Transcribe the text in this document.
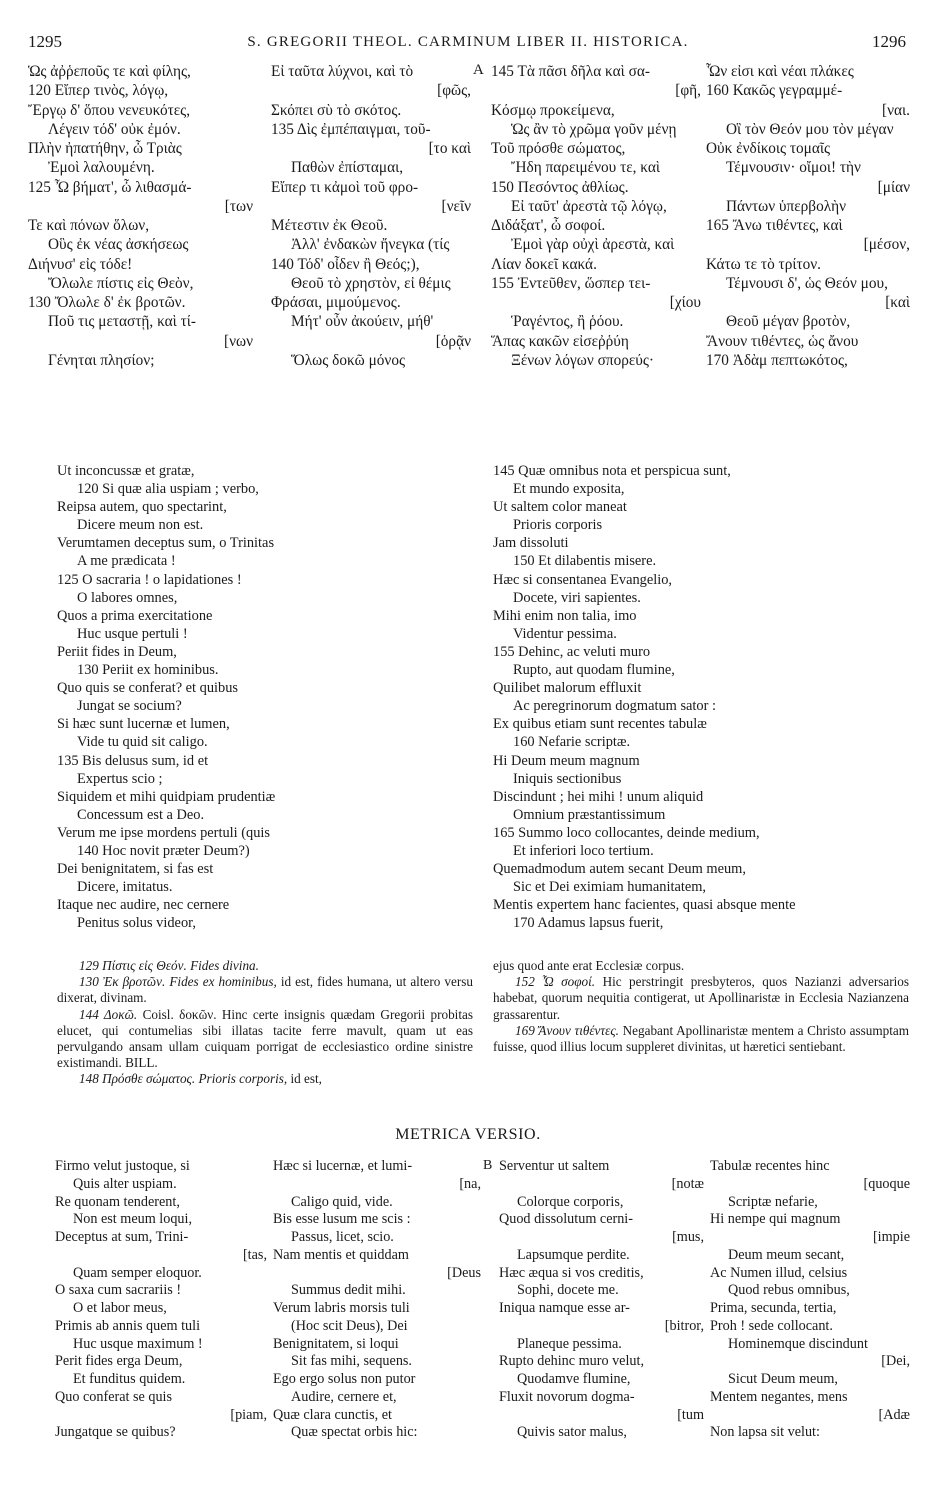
1295	S. GREGORII THEOL. CARMINUM LIBER II. HISTORICA.	1296
Ὡς ἀῤῥεποῦς τε καὶ φίλης,
120 Εἴπερ τινὸς, λόγῳ,
Ἔργῳ δ' ὅπου νενευκότες,
Λέγειν τόδ' οὐκ ἐμόν.
Πλὴν ἠπατήθην, ὦ Τριὰς
Ἐμοὶ λαλουμένη.
125 Ὦ βήματ', ὦ λιθασμά-
[των
Τε καὶ πόνων ὅλων,
Οὓς ἐκ νέας ἀσκήσεως
Διήνυσ' εἰς τόδε!
Ὄλωλε πίστις εἰς Θεὸν,
130 Ὄλωλε δ' ἐκ βροτῶν.
Ποῦ τις μεταστῇ, καὶ τί-
[νων
Γένηται πλησίον;
Εἰ ταῦτα λύχνοι, καὶ τὸ
[φῶς,
Σκόπει σὺ τὸ σκότος.
135 Δὶς ἐμπέπαιγμαι, τοῦ-
[το καὶ
Παθὼν ἐπίσταμαι,
Εἴπερ τι κἀμοὶ τοῦ φρο-
[νεῖν
Μέτεστιν ἐκ Θεοῦ.
Ἀλλ' ἐνδακὼν ἤνεγκα (τίς
140 Τόδ' οἶδεν ἢ Θεός;),
Θεοῦ τὸ χρηστὸν, εἰ θέμις
Φράσαι, μιμούμενος.
Μήτ' οὖν ἀκούειν, μήθ'
[ὁρᾷν
Ὅλως δοκῶ μόνος
A 145 Τὰ πᾶσι δῆλα καὶ σα-
[φῆ,
Κόσμῳ προκείμενα,
Ὡς ἂν τὸ χρῶμα γοῦν μένῃ
Τοῦ πρόσθε σώματος,
Ἤδη παρειμένου τε, καὶ
150 Πεσόντος ἀθλίως.
Εἰ ταῦτ' ἀρεστὰ τῷ λόγῳ,
Διδάξατ', ὦ σοφοί.
Ἐμοὶ γὰρ οὐχὶ ἀρεστὰ, καὶ
Λίαν δοκεῖ κακά.
155 Ἐντεῦθεν, ὥσπερ τει-
[χίου
Ῥαγέντος, ἢ ῥόου.
Ἅπας κακῶν εἰσεῤῥύη
Ξένων λόγων σπορεύς·
Ὧν εἰσι καὶ νέαι πλάκες
160 Κακῶς γεγραμμέ-
[ναι.
Οἳ τὸν Θεόν μου τὸν μέγαν
Οὐκ ἐνδίκοις τομαῖς
Τέμνουσιν· οἴμοι! τὴν
[μίαν
Πάντων ὑπερβολὴν
165 Ἄνω τιθέντες, καὶ
[μέσον,
Κάτω τε τὸ τρίτον.
Τέμνουσι δ', ὡς Θεόν μου,
[καὶ
Θεοῦ μέγαν βροτὸν,
Ἄνουν τιθέντες, ὡς ἄνου
170 Ἀδὰμ πεπτωκότος,
Ut inconcussæ et gratæ,
120 Si quæ alia uspiam ; verbo,
Reipsa autem, quo spectarint,
Dicere meum non est.
Verumtamen deceptus sum, o Trinitas
A me prædicata !
125 O sacraria ! o lapidationes !
O labores omnes,
Quos a prima exercitatione
Huc usque pertuli !
Periit fides in Deum,
130 Periit ex hominibus.
Quo quis se conferat? et quibus
Jungat se socium?
Si hæc sunt lucernæ et lumen,
Vide tu quid sit caligo.
135 Bis delusus sum, id et
Expertus scio ;
Siquidem et mihi quidpiam prudentiæ
Concessum est a Deo.
Verum me ipse mordens pertuli (quis
140 Hoc novit præter Deum?)
Dei benignitatem, si fas est
Dicere, imitatus.
Itaque nec audire, nec cernere
Penitus solus videor,
145 Quæ omnibus nota et perspicua sunt,
Et mundo exposita,
Ut saltem color maneat
Prioris corporis
Jam dissoluti
150 Et dilabentis misere.
Hæc si consentanea Evangelio,
Docete, viri sapientes.
Mihi enim non talia, imo
Videntur pessima.
155 Dehinc, ac veluti muro
Rupto, aut quodam flumine,
Quilibet malorum effluxit
Ac peregrinorum dogmatum sator :
Ex quibus etiam sunt recentes tabulæ
160 Nefarie scriptæ.
Hi Deum meum magnum
Iniquis sectionibus
Discindunt ; hei mihi ! unum aliquid
Omnium præstantissimum
165 Summo loco collocantes, deinde medium,
Et inferiori loco tertium.
Quemadmodum autem secant Deum meum,
Sic et Dei eximiam humanitatem,
Mentis expertem hanc facientes, quasi absque mente
170 Adamus lapsus fuerit,

129 Πίστις εἰς Θεόν. Fides divina.

130 Ἐκ βροτῶν. Fides ex hominibus, id est, fides humana, ut altero versu dixerat, divinam.

144 Δοκῶ. Coisl. δοκῶν. Hinc certe insignis quædam Gregorii probitas elucet, qui contumelias sibi illatas tacite ferre mavult, quam ut eas pervulgando ansam ullam cuiquam porrigat de ecclesiastico ordine sinistre existimandi. BILL.

148 Πρόσθε σώματος. Prioris corporis, id est,

ejus quod ante erat Ecclesiæ corpus.

152 Ὦ σοφοί. Hic perstringit presbyteros, quos Nazianzi adversarios habebat, quorum nequitia contigerat, ut Apollinaristæ in Ecclesia Nazianzena grassarentur.

169 Ἄνουν τιθέντες. Negabant Apollinaristæ mentem a Christo assumptam fuisse, quod illius locum suppleret divinitas, ut hæretici sentiebant.

METRICA VERSIO.
Firmo velut justoque, si
Quis alter uspiam.
Re quonam tenderent,
Non est meum loqui,
Deceptus at sum, Trini-
[tas,
Quam semper eloquor.
O saxa cum sacrariis !
O et labor meus,
Primis ab annis quem tuli
Huc usque maximum !
Perit fides erga Deum,
Et funditus quidem.
Quo conferat se quis
[piam,
Jungatque se quibus?
Hæc si lucernæ, et lumi-
[na,
Caligo quid, vide.
Bis esse lusum me scis :
Passus, licet, scio.
Nam mentis et quiddam
[Deus
Summus dedit mihi.
Verum labris morsis tuli
(Hoc scit Deus), Dei
Benignitatem, si loqui
Sit fas mihi, sequens.
Ego ergo solus non putor
Audire, cernere et,
Quæ clara cunctis, et
Quæ spectat orbis hic:
B Serventur ut saltem
[notæ
Colorque corporis,
Quod dissolutum cerni-
[mus,
Lapsumque perdite.
Hæc æqua si vos creditis,
Sophi, docete me.
Iniqua namque esse ar-
[bitror,
Planeque pessima.
Rupto dehinc muro velut,
Quodamve flumine,
Fluxit novorum dogma-
[tum
Quivis sator malus,
Tabulæ recentes hinc
[quoque
Scriptæ nefarie,
Hi nempe qui magnum
[impie
Deum meum secant,
Ac Numen illud, celsius
Quod rebus omnibus,
Prima, secunda, tertia,
Proh ! sede collocant.
Hominemque discindunt
[Dei,
Sicut Deum meum,
Mentem negantes, mens
[Adæ
Non lapsa sit velut:
